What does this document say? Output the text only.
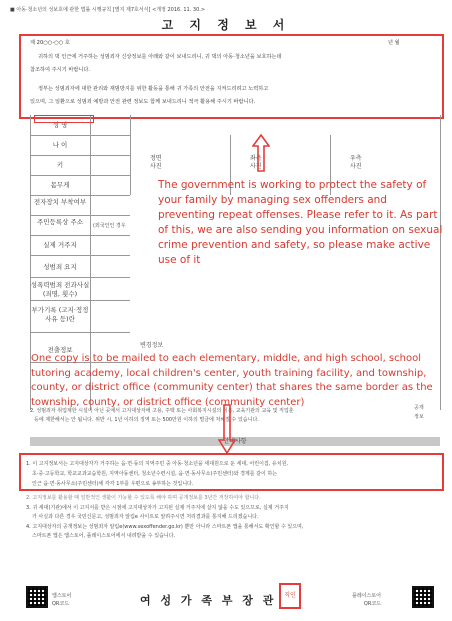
■ 아동·청소년의 성보호에 관한 법률 시행규칙 [별지 제7호서식] <개정 2016. 11. 30.>
고 지 정 보 서
제 20○○-○○ 호	년 월
귀하의 댁 인근에 거주하는 성범죄자 신상정보를 아래와 같이 보내드리니, 귀 댁의 아동·청소년을 보호하는데
참조하여 주시기 바랍니다.
정부는 성범죄자에 대한 관리와 재범방지를 위한 활동을 통해 귀 가족의 안전을 지켜드리려고 노력하고
있으며, 그 일환으로 성범죄 예방과 안전 관련 정보도 함께 보내드리니 적극 활용해 주시기 바랍니다.
성 명
나 이
키
몸무게
전자장치 부착여부
주민등록상 주소
실제 거주지
성범죄 요지
성폭력범죄 전과사실 (죄명, 횟수)
부가기록 (고지·정정사유 등)란
전출정보
정면
사진
좌측
사진
우측
사진
(외국인인 경우
변경정보
The government is working to protect the safety of your family by managing sex offenders and preventing repeat offenses. Please refer to it. As part of this, we are also sending you information on sexual crime prevention and safety, so please make active use of it
One copy is to be mailed to each elementary, middle, and high school, school tutoring academy, local children's center, youth training facility, and township, county, or district office (community center) that shares the same border as the township, county, or district office (community center)
공개
정보
2. 성범죄자 취업제한 시설이 아닌 곳에서 고지대상자에 고용, 주택 또는 사회복지시설의 이용, 교육기관의 교육 및 직업훈
등에 제한해서는 안 됩니다. 위반 시, 1년 이하의 징역 또는 500만원 이하의 벌금에 처해질 수 있습니다.
안내사항
1. 이 고지정보서는 고지대상자가 거주하는 읍·면·동의 지역주민 중 아동·청소년을 세대원으로 둔 세대, 어린이집, 유치원,
초·중·고등학교, 학교교과교습학원, 지역아동센터, 청소년수련시설, 읍·면·동사무소(주민센터)와 경계를 같이 하는
인근 읍·면·동사무소(주민센터)에 각각 1부를 우편으로 송부하는 것입니다.
2. 고지정보를 활용할 때 일반적인 생활이 가능할 수 있도록 해야 하며 공개정보를 3년간 저장하여야 합니다.
3. 귀 세대(기관)에서 이 고지서를 받은 시점에 고지대상자가 고지된 실제 거주지에 살지 않을 수도 있으므로, 실제 거주지
가 사실과 다른 경우 국민신문고, 성범죄자 알림e 사이트로 알려주시면 처리결과를 통지해 드리겠습니다.
4. 고지대상자의 공개정보는 성범죄자 알림e(www.sexoffender.go.kr) 뿐만 아니라 스마트폰 앱을 통해서도 확인할 수 있으며,
스마트폰 앱은 앱스토어, 플레이스토어에서 내려받을 수 있습니다.
앱스토어
QR코드	여 성 가 족 부 장 관	직인	플레이스토어
QR코드
